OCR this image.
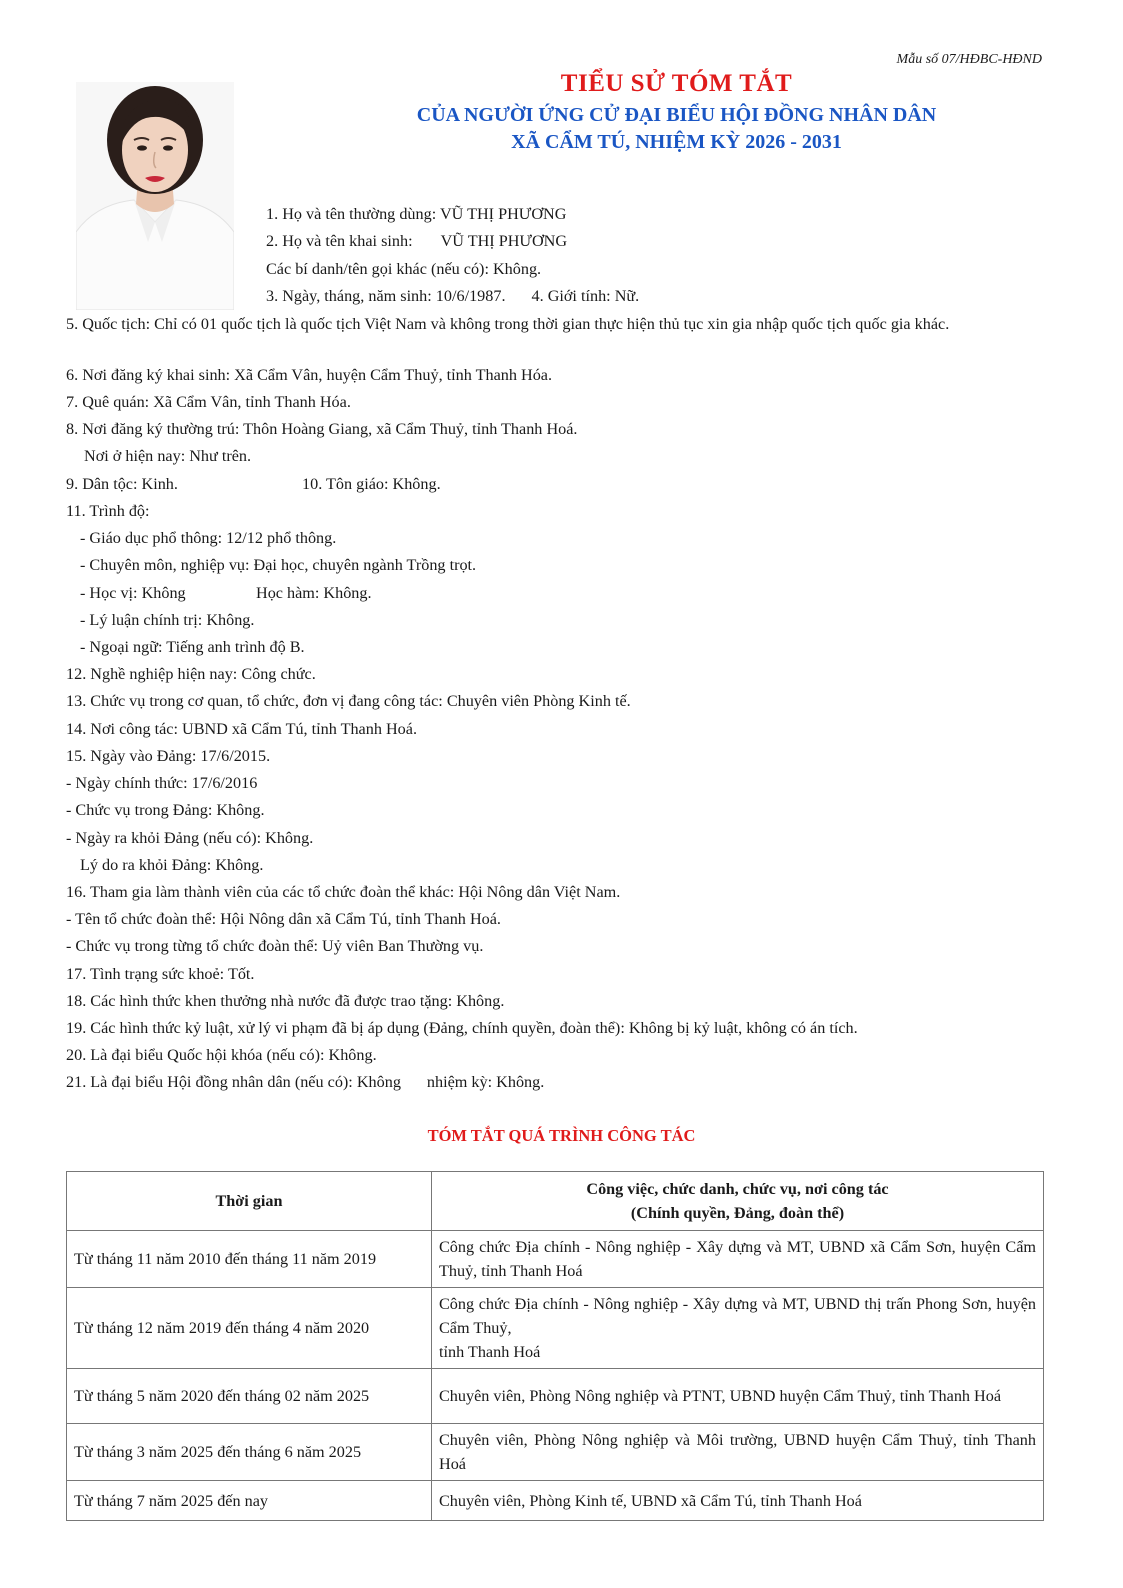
Mẫu số 07/HĐBC-HĐND
TIỂU SỬ TÓM TẮT
CỦA NGƯỜI ỨNG CỬ ĐẠI BIỂU HỘI ĐỒNG NHÂN DÂN
XÃ CẨM TÚ, NHIỆM KỲ 2026 - 2031
1. Họ và tên thường dùng: VŨ THỊ PHƯƠNG
2. Họ và tên khai sinh: VŨ THỊ PHƯƠNG
Các bí danh/tên gọi khác (nếu có): Không.
3. Ngày, tháng, năm sinh: 10/6/1987. 4. Giới tính: Nữ.
5. Quốc tịch: Chỉ có 01 quốc tịch là quốc tịch Việt Nam và không trong thời gian thực hiện thủ tục xin gia nhập quốc tịch quốc gia khác.
6. Nơi đăng ký khai sinh: Xã Cẩm Vân, huyện Cẩm Thuỷ, tỉnh Thanh Hóa.
7. Quê quán: Xã Cẩm Vân, tỉnh Thanh Hóa.
8. Nơi đăng ký thường trú: Thôn Hoàng Giang, xã Cẩm Thuỷ, tỉnh Thanh Hoá.
Nơi ở hiện nay: Như trên.
9. Dân tộc: Kinh.	10. Tôn giáo: Không.
11. Trình độ:
- Giáo dục phổ thông: 12/12 phổ thông.
- Chuyên môn, nghiệp vụ: Đại học, chuyên ngành Trồng trọt.
- Học vị: Không	Học hàm: Không.
- Lý luận chính trị: Không.
- Ngoại ngữ: Tiếng anh trình độ B.
12. Nghề nghiệp hiện nay: Công chức.
13. Chức vụ trong cơ quan, tổ chức, đơn vị đang công tác: Chuyên viên Phòng Kinh tế.
14. Nơi công tác: UBND xã Cẩm Tú, tỉnh Thanh Hoá.
15. Ngày vào Đảng: 17/6/2015.
- Ngày chính thức: 17/6/2016
- Chức vụ trong Đảng: Không.
- Ngày ra khỏi Đảng (nếu có): Không.
Lý do ra khỏi Đảng: Không.
16. Tham gia làm thành viên của các tổ chức đoàn thể khác: Hội Nông dân Việt Nam.
- Tên tổ chức đoàn thể: Hội Nông dân xã Cẩm Tú, tỉnh Thanh Hoá.
- Chức vụ trong từng tổ chức đoàn thể: Uỷ viên Ban Thường vụ.
17. Tình trạng sức khoẻ: Tốt.
18. Các hình thức khen thưởng nhà nước đã được trao tặng: Không.
19. Các hình thức kỷ luật, xử lý vi phạm đã bị áp dụng (Đảng, chính quyền, đoàn thể): Không bị kỷ luật, không có án tích.
20. Là đại biểu Quốc hội khóa (nếu có): Không.
21. Là đại biểu Hội đồng nhân dân (nếu có): Không nhiệm kỳ: Không.
TÓM TẮT QUÁ TRÌNH CÔNG TÁC
Thời gian	Công việc, chức danh, chức vụ, nơi công tác
(Chính quyền, Đảng, đoàn thể)

Từ tháng 11 năm 2010 đến tháng 11 năm 2019	Công chức Địa chính - Nông nghiệp - Xây dựng và MT, UBND xã Cẩm Sơn, huyện Cẩm Thuỷ, tỉnh Thanh Hoá
Từ tháng 12 năm 2019 đến tháng 4 năm 2020	Công chức Địa chính - Nông nghiệp - Xây dựng và MT, UBND thị trấn Phong Sơn, huyện Cẩm Thuỷ,
tỉnh Thanh Hoá

Từ tháng 5 năm 2020 đến tháng 02 năm 2025	Chuyên viên, Phòng Nông nghiệp và PTNT, UBND huyện Cẩm Thuỷ, tỉnh Thanh Hoá
Từ tháng 3 năm 2025 đến tháng 6 năm 2025	Chuyên viên, Phòng Nông nghiệp và Môi trường, UBND huyện Cẩm Thuỷ, tỉnh Thanh Hoá
Từ tháng 7 năm 2025 đến nay	Chuyên viên, Phòng Kinh tế, UBND xã Cẩm Tú, tỉnh Thanh Hoá
